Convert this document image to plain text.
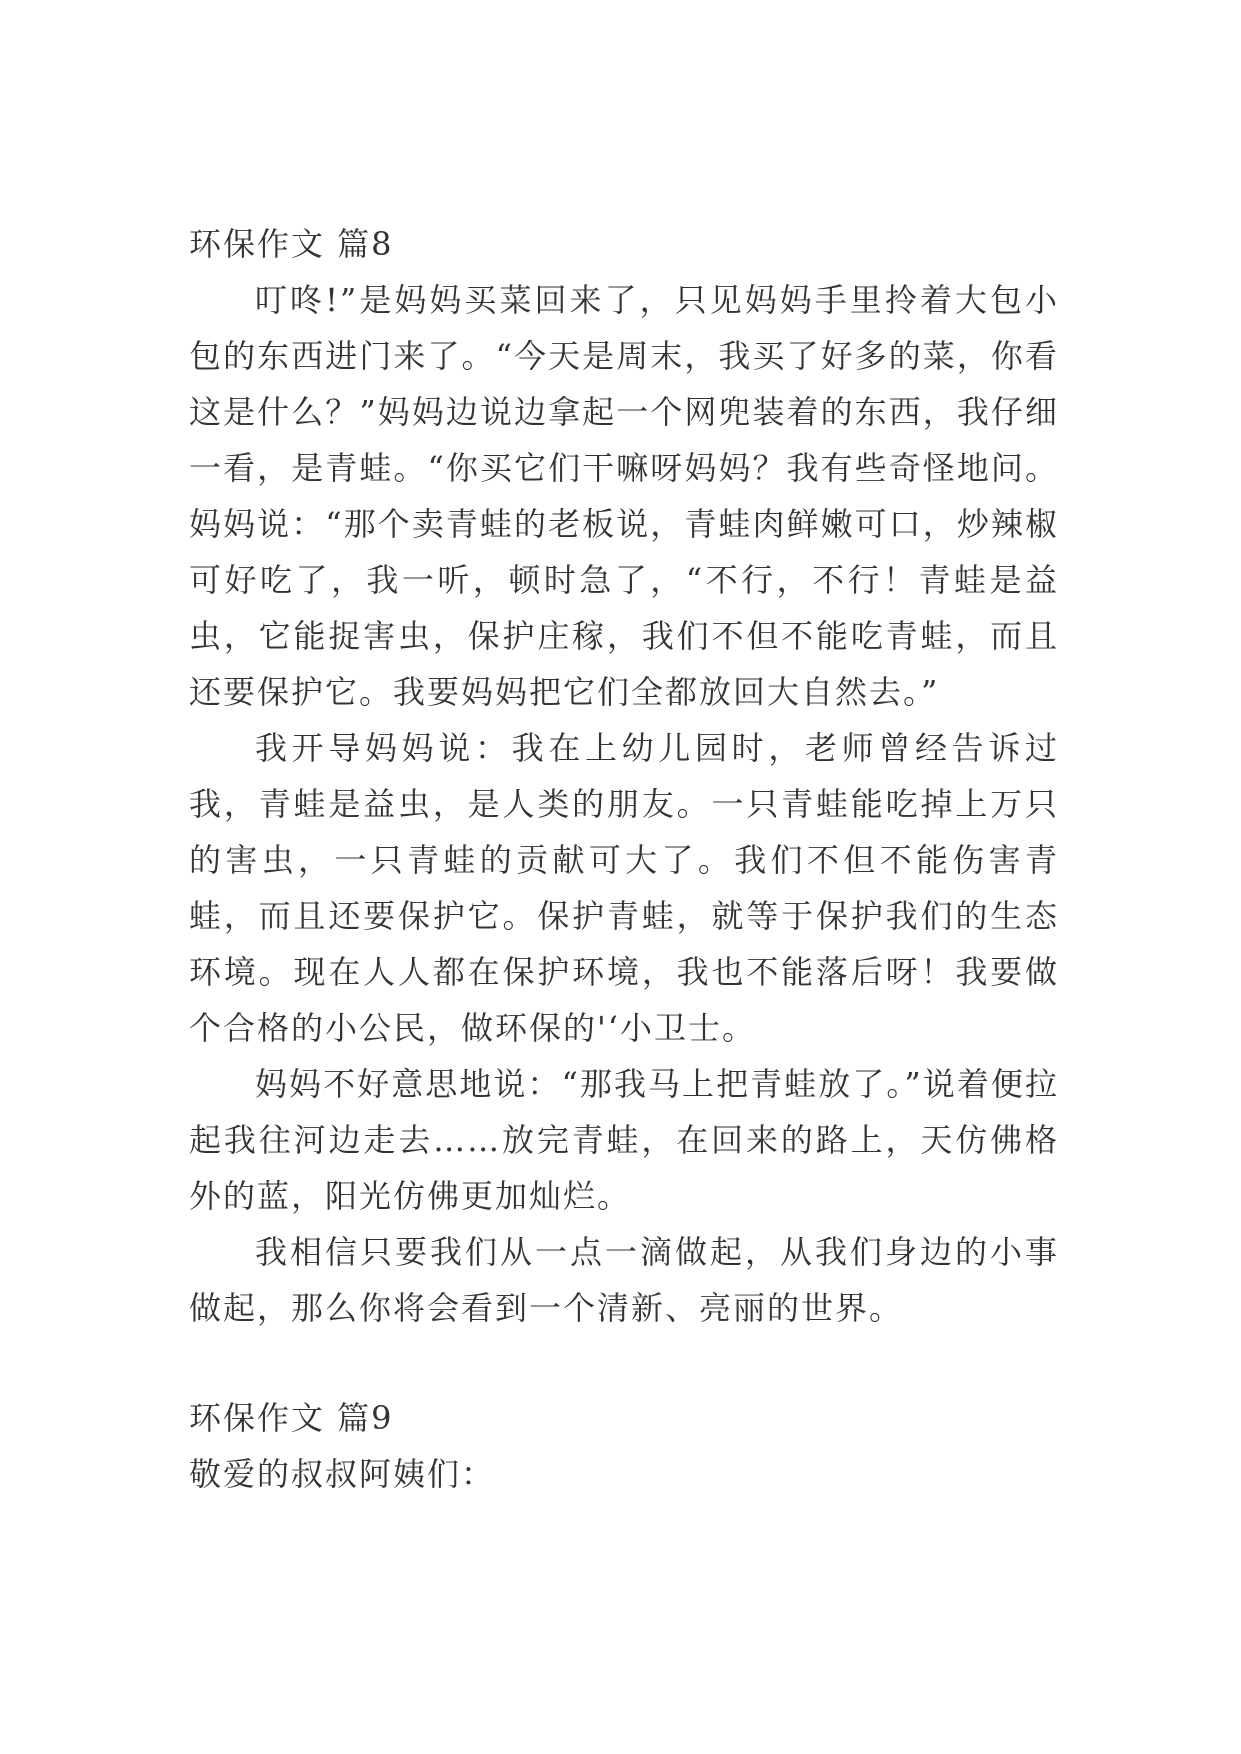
环保作文 篇8

叮咚!”是妈妈买菜回来了，只见妈妈手里拎着大包小包的东西进门来了。“今天是周末，我买了好多的菜，你看这是什么？”妈妈边说边拿起一个网兜装着的东西，我仔细一看，是青蛙。“你买它们干嘛呀妈妈？我有些奇怪地问。妈妈说：“那个卖青蛙的老板说，青蛙肉鲜嫩可口，炒辣椒可好吃了，我一听，顿时急了，“不行，不行！青蛙是益虫，它能捉害虫，保护庄稼，我们不但不能吃青蛙，而且还要保护它。我要妈妈把它们全都放回大自然去。”

我开导妈妈说：我在上幼儿园时，老师曾经告诉过我，青蛙是益虫，是人类的朋友。一只青蛙能吃掉上万只的害虫，一只青蛙的贡献可大了。我们不但不能伤害青蛙，而且还要保护它。保护青蛙，就等于保护我们的生态环境。现在人人都在保护环境，我也不能落后呀！我要做个合格的小公民，做环保的'‘小卫士。

妈妈不好意思地说：“那我马上把青蛙放了。”说着便拉起我往河边走去……放完青蛙，在回来的路上，天仿佛格外的蓝，阳光仿佛更加灿烂。

我相信只要我们从一点一滴做起，从我们身边的小事做起，那么你将会看到一个清新、亮丽的世界。

环保作文 篇9

敬爱的叔叔阿姨们：
